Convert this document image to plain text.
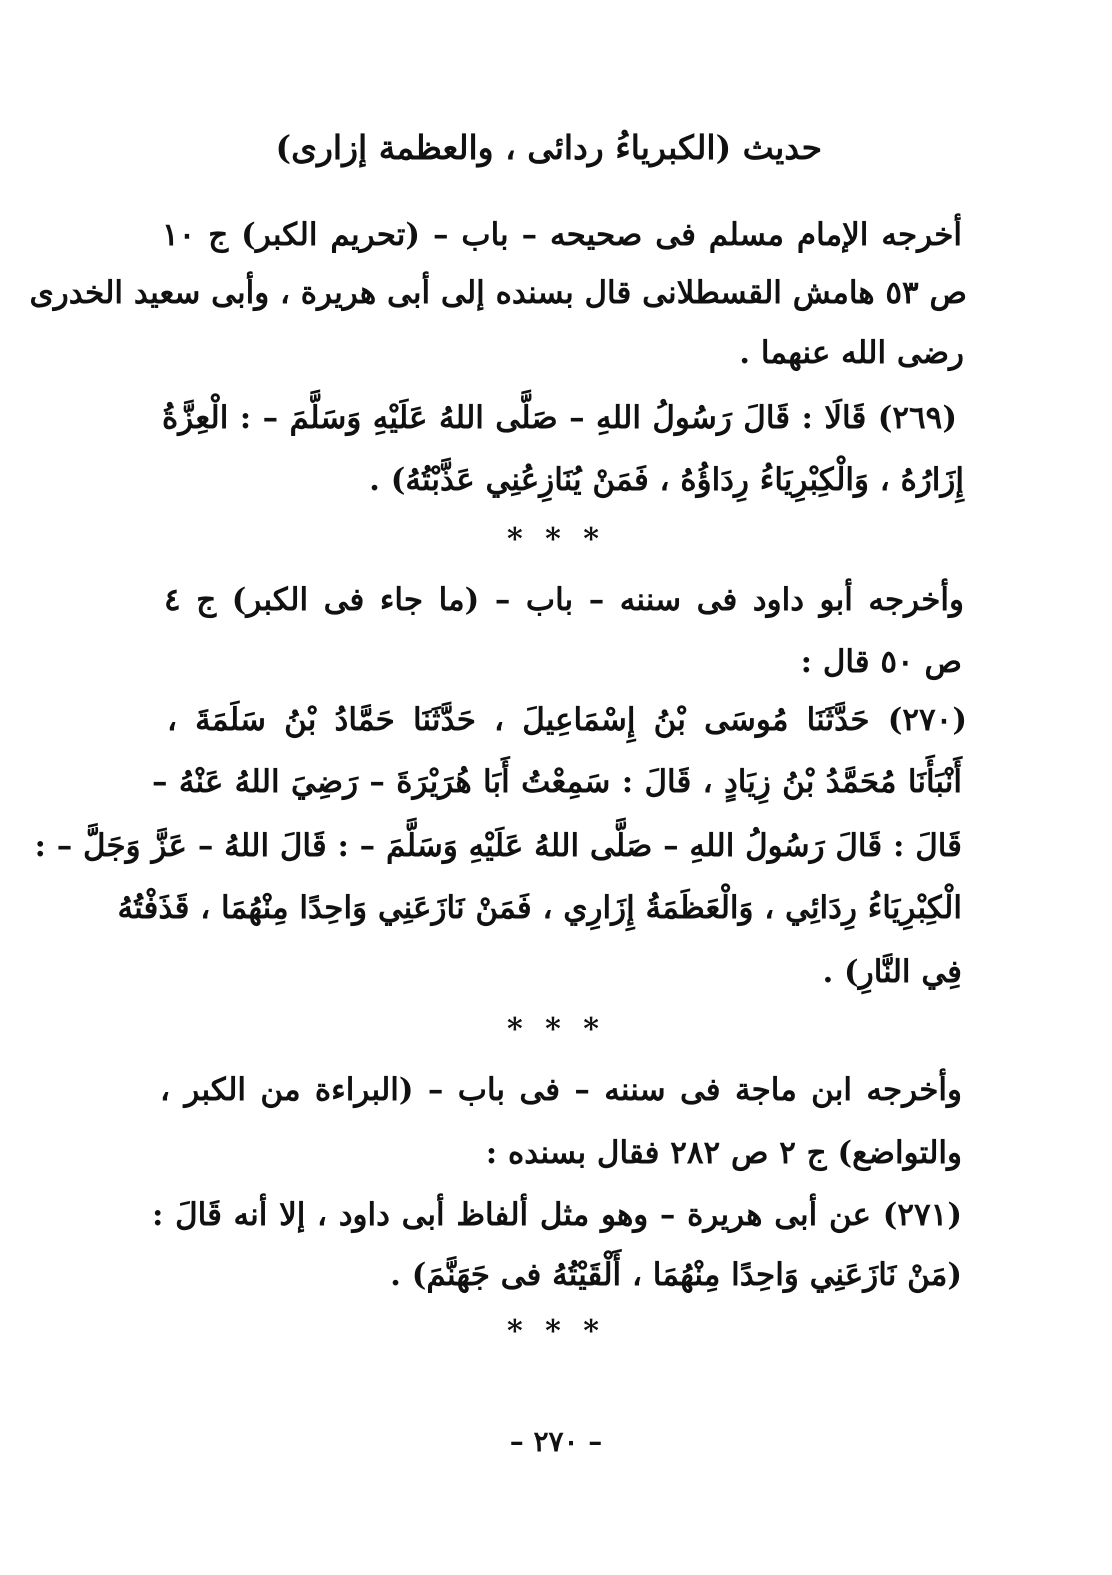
حديث (الكبرياءُ ردائى ، والعظمة إزارى)
أخرجه الإمام مسلم فى صحيحه – باب – (تحريم الكبر) ج ١٠
ص ٥٣ هامش القسطلانى قال بسنده إلى أبى هريرة ، وأبى سعيد الخدرى
رضى الله عنهما .
(٢٦٩) قَالَا : قَالَ رَسُولُ اللهِ – صَلَّى اللهُ عَلَيْهِ وَسَلَّمَ – : الْعِزَّةُ
إِزَارُهُ ، وَالْكِبْرِيَاءُ رِدَاؤُهُ ، فَمَنْ يُنَازِعُنِي عَذَّبْتُهُ) .
* * *
وأخرجه أبو داود فى سننه – باب – (ما جاء فى الكبر) ج ٤
ص ٥٠ قال :
(٢٧٠) حَدَّثَنَا مُوسَى بْنُ إِسْمَاعِيلَ ، حَدَّثَنَا حَمَّادُ بْنُ سَلَمَةَ ،
أَنْبَأَنَا مُحَمَّدُ بْنُ زِيَادٍ ، قَالَ : سَمِعْتُ أَبَا هُرَيْرَةَ – رَضِيَ اللهُ عَنْهُ –
قَالَ : قَالَ رَسُولُ اللهِ – صَلَّى اللهُ عَلَيْهِ وَسَلَّمَ – : قَالَ اللهُ – عَزَّ وَجَلَّ – :
الْكِبْرِيَاءُ رِدَائِي ، وَالْعَظَمَةُ إِزَارِي ، فَمَنْ نَازَعَنِي وَاحِدًا مِنْهُمَا ، قَذَفْتُهُ
فِي النَّارِ) .
* * *
وأخرجه ابن ماجة فى سننه – فى باب – (البراءة من الكبر ،
والتواضع) ج ٢ ص ٢٨٢ فقال بسنده :
(٢٧١) عن أبى هريرة – وهو مثل ألفاظ أبى داود ، إلا أنه قَالَ :
(مَنْ نَازَعَنِي وَاحِدًا مِنْهُمَا ، أَلْقَيْتُهُ فى جَهَنَّمَ) .
* * *
– ٢٧٠ –
